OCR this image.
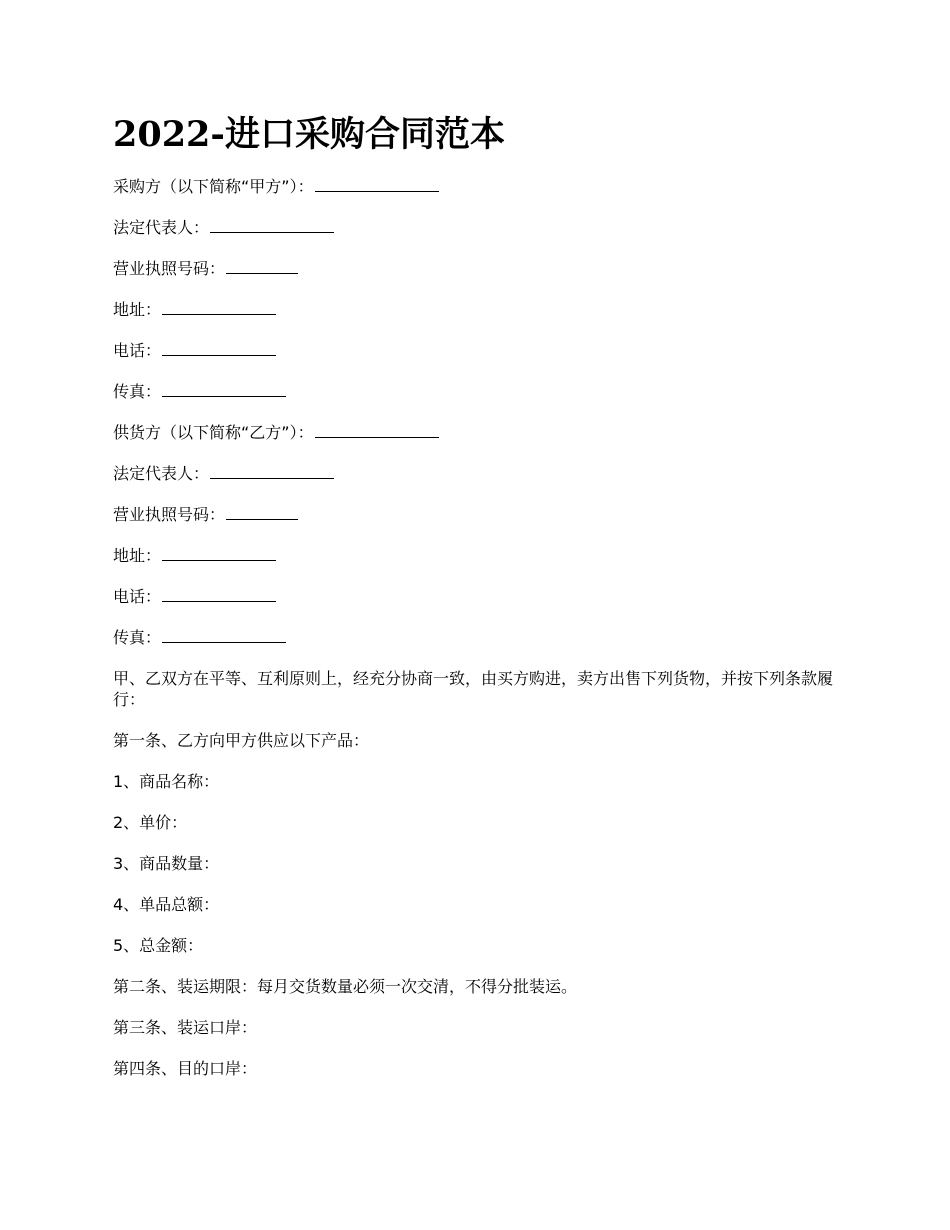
2022-进口采购合同范本

采购方（以下简称“甲方”）：

法定代表人：

营业执照号码：

地址：

电话：

传真：

供货方（以下简称“乙方”）：

法定代表人：

营业执照号码：

地址：

电话：

传真：

甲、乙双方在平等、互利原则上，经充分协商一致，由买方购进，卖方出售下列货物，并按下列条款履行：

第一条、乙方向甲方供应以下产品：

1、商品名称：

2、单价：

3、商品数量：

4、单品总额：

5、总金额：

第二条、装运期限：每月交货数量必须一次交清，不得分批装运。

第三条、装运口岸：

第四条、目的口岸：
